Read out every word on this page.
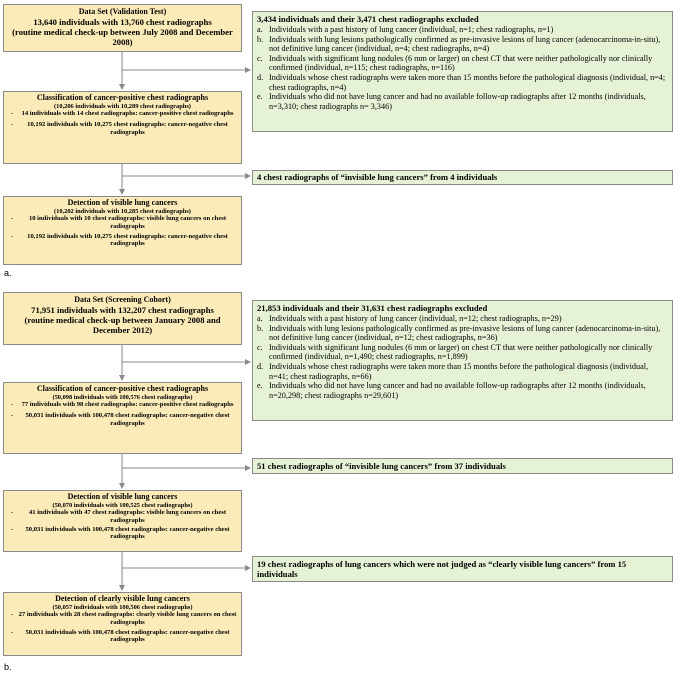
Data Set (Validation Test)
13,640 individuals with 13,760 chest radiographs
(routine medical check-up between July 2008 and December 2008)
3,434 individuals and their 3,471 chest radiographs excluded
a. Individuals with a past history of lung cancer (individual, n=1; chest radiographs, n=1)
b. Individuals with lung lesions pathologically confirmed as pre-invasive lesions of lung cancer (adenocarcinoma-in-situ), not definitive lung cancer (individual, n=4; chest radiographs, n=4)
c. Individuals with significant lung nodules (6 mm or larger) on chest CT that were neither pathologically nor clinically confirmed (individual, n=115; chest radiographs, n=116)
d. Individuals whose chest radiographs were taken more than 15 months before the pathological diagnosis (individual, n=4; chest radiographs, n=4)
e. Individuals who did not have lung cancer and had no available follow-up radiographs after 12 months (individuals, n=3,310; chest radiographs n= 3,346)
Classification of cancer-positive chest radiographs
(10,206 individuals with 10,289 chest radiographs)
-	14 individuals with 14 chest radiographs: cancer-positive chest radiographs
-	10,192 individuals with 10,275 chest radiographs: cancer-negative chest radiographs
4 chest radiographs of “invisible lung cancers” from 4 individuals
Detection of visible lung cancers
(10,202 individuals with 10,285 chest radiographs)
-	10 individuals with 10 chest radiographs: visible lung cancers on chest radiographs
-	10,192 individuals with 10,275 chest radiographs: cancer-negative chest radiographs
a.
Data Set (Screening Cohort)
71,951 individuals with 132,207 chest radiographs
(routine medical check-up between January 2008 and December 2012)
21,853 individuals and their 31,631 chest radiographs excluded
a. Individuals with a past history of lung cancer (individual, n=12; chest radiographs, n=29)
b. Individuals with lung lesions pathologically confirmed as pre-invasive lesions of lung cancer (adenocarcinoma-in-situ), not definitive lung cancer (individual, n=12; chest radiographs, n=36)
c. Individuals with significant lung nodules (6 mm or larger) on chest CT that were neither pathologically nor clinically confirmed (individual, n=1,490; chest radiographs, n=1,899)
d. Individuals whose chest radiographs were taken more than 15 months before the pathological diagnosis (individual, n=41; chest radiographs, n=66)
e. Individuals who did not have lung cancer and had no available follow-up radiographs after 12 months (individuals, n=20,298; chest radiographs n=29,601)
Classification of cancer-positive chest radiographs
(50,098 individuals with 100,576 chest radiographs)
-	77 individuals with 98 chest radiographs: cancer-positive chest radiographs
-	50,031 individuals with 100,478 chest radiographs: cancer-negative chest radiographs
51 chest radiographs of “invisible lung cancers” from 37 individuals
Detection of visible lung cancers
(50,070 individuals with 100,525 chest radiographs)
-	41 individuals with 47 chest radiographs: visible lung cancers on chest radiographs
-	50,031 individuals with 100,478 chest radiographs: cancer-negative chest radiographs
19 chest radiographs of lung cancers which were not judged as “clearly visible lung cancers” from 15 individuals
Detection of clearly visible lung cancers
(50,057 individuals with 100,506 chest radiographs)
- 27 individuals with 28 chest radiographs: clearly visible lung cancers on chest radiographs
-	50,031 individuals with 100,478 chest radiographs: cancer-negative chest radiographs
b.
